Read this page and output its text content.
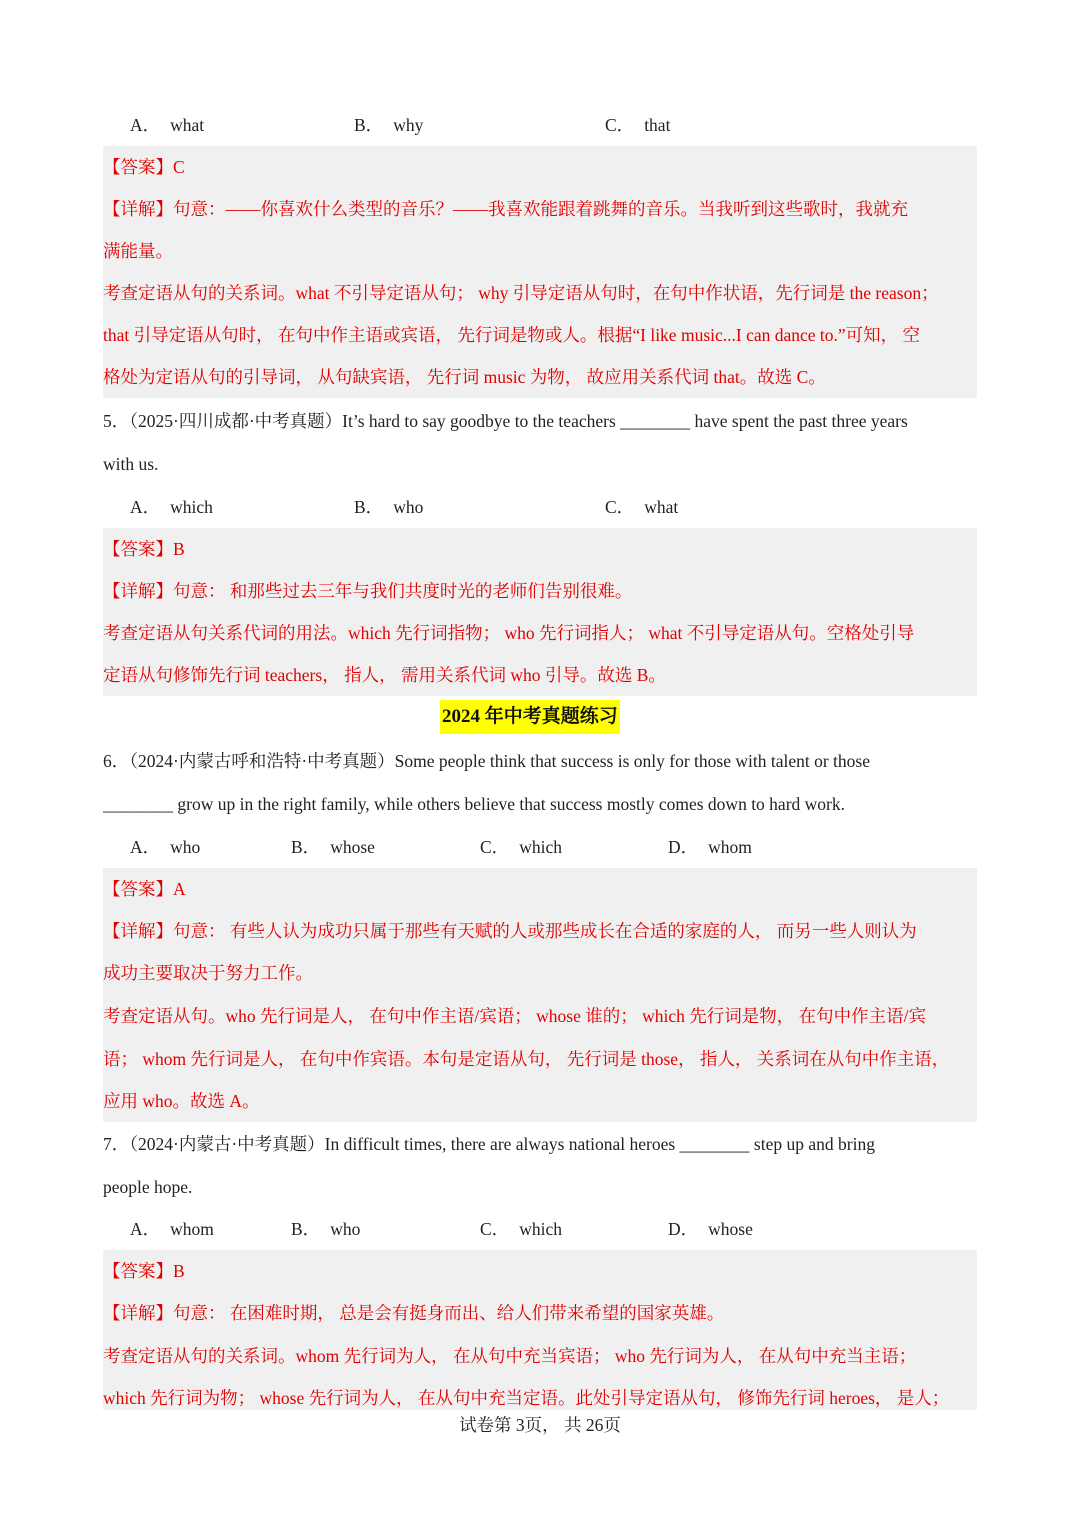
A． what	B． why	C． that
【答案】C
【详解】句意：——你喜欢什么类型的音乐？——我喜欢能跟着跳舞的音乐。当我听到这些歌时，我就充
满能量。
考查定语从句的关系词。what 不引导定语从句； why 引导定语从句时，在句中作状语，先行词是 the reason；
that 引导定语从句时， 在句中作主语或宾语， 先行词是物或人。根据“I like music...I can dance to.”可知， 空
格处为定语从句的引导词， 从句缺宾语， 先行词 music 为物， 故应用关系代词 that。故选 C。
5．（2025·四川成都·中考真题）It’s hard to say goodbye to the teachers ________ have spent the past three years
with us.
A． which	B． who	C． what
【答案】B
【详解】句意： 和那些过去三年与我们共度时光的老师们告别很难。
考查定语从句关系代词的用法。which 先行词指物； who 先行词指人； what 不引导定语从句。空格处引导
定语从句修饰先行词 teachers， 指人， 需用关系代词 who 引导。故选 B。
2024 年中考真题练习
6．（2024·内蒙古呼和浩特·中考真题）Some people think that success is only for those with talent or those
________ grow up in the right family, while others believe that success mostly comes down to hard work.
A． who	B． whose	C． which	D． whom
【答案】A
【详解】句意： 有些人认为成功只属于那些有天赋的人或那些成长在合适的家庭的人， 而另一些人则认为
成功主要取决于努力工作。
考查定语从句。who 先行词是人， 在句中作主语/宾语； whose 谁的； which 先行词是物， 在句中作主语/宾
语； whom 先行词是人， 在句中作宾语。本句是定语从句， 先行词是 those， 指人， 关系词在从句中作主语，
应用 who。故选 A。
7．（2024·内蒙古·中考真题）In difficult times, there are always national heroes ________ step up and bring
people hope.
A． whom	B． who	C． which	D． whose
【答案】B
【详解】句意： 在困难时期， 总是会有挺身而出、给人们带来希望的国家英雄。
考查定语从句的关系词。whom 先行词为人， 在从句中充当宾语； who 先行词为人， 在从句中充当主语；
which 先行词为物； whose 先行词为人， 在从句中充当定语。此处引导定语从句， 修饰先行词 heroes， 是人；
试卷第 3页， 共 26页
